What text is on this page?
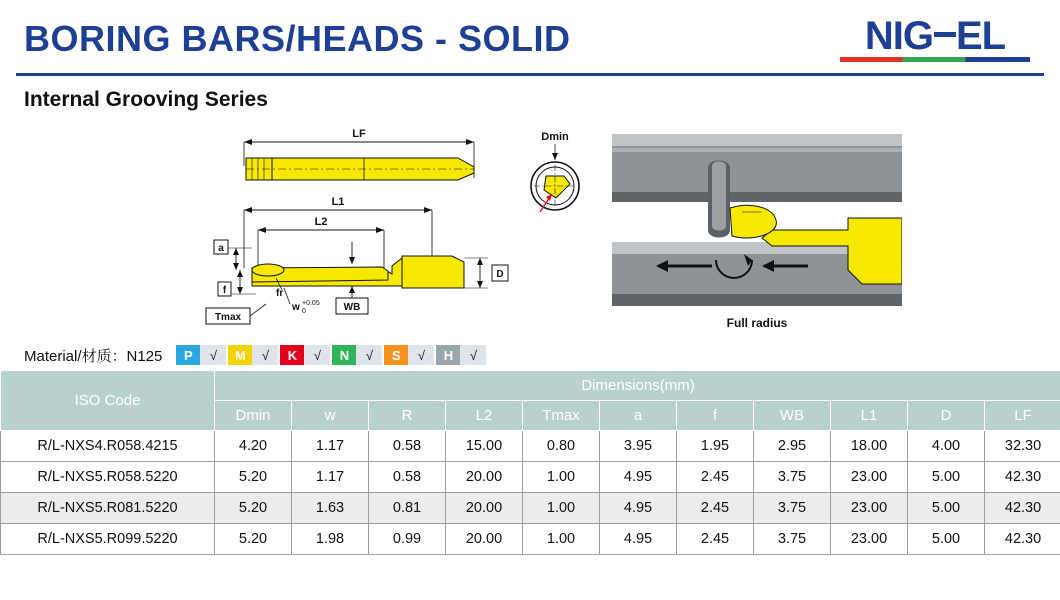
BORING BARS/HEADS - SOLID	NIG EL
Internal Grooving Series
LF
L1
L2
a
f
Tmax
fr
w +0.05
0	WB
D
Dmin
Full radius
Material/材质：N125	P	√	M	√	K	√	N	√	S	√	H	√
ISO Code	Dimensions(mm)										
	Dmin	w	R	L2	Tmax	a	f	WB	L1	D	LF
R/L-NXS4.R058.4215	4.20	1.17	0.58	15.00	0.80	3.95	1.95	2.95	18.00	4.00	32.30
R/L-NXS5.R058.5220	5.20	1.17	0.58	20.00	1.00	4.95	2.45	3.75	23.00	5.00	42.30
R/L-NXS5.R081.5220	5.20	1.63	0.81	20.00	1.00	4.95	2.45	3.75	23.00	5.00	42.30
R/L-NXS5.R099.5220	5.20	1.98	0.99	20.00	1.00	4.95	2.45	3.75	23.00	5.00	42.30
